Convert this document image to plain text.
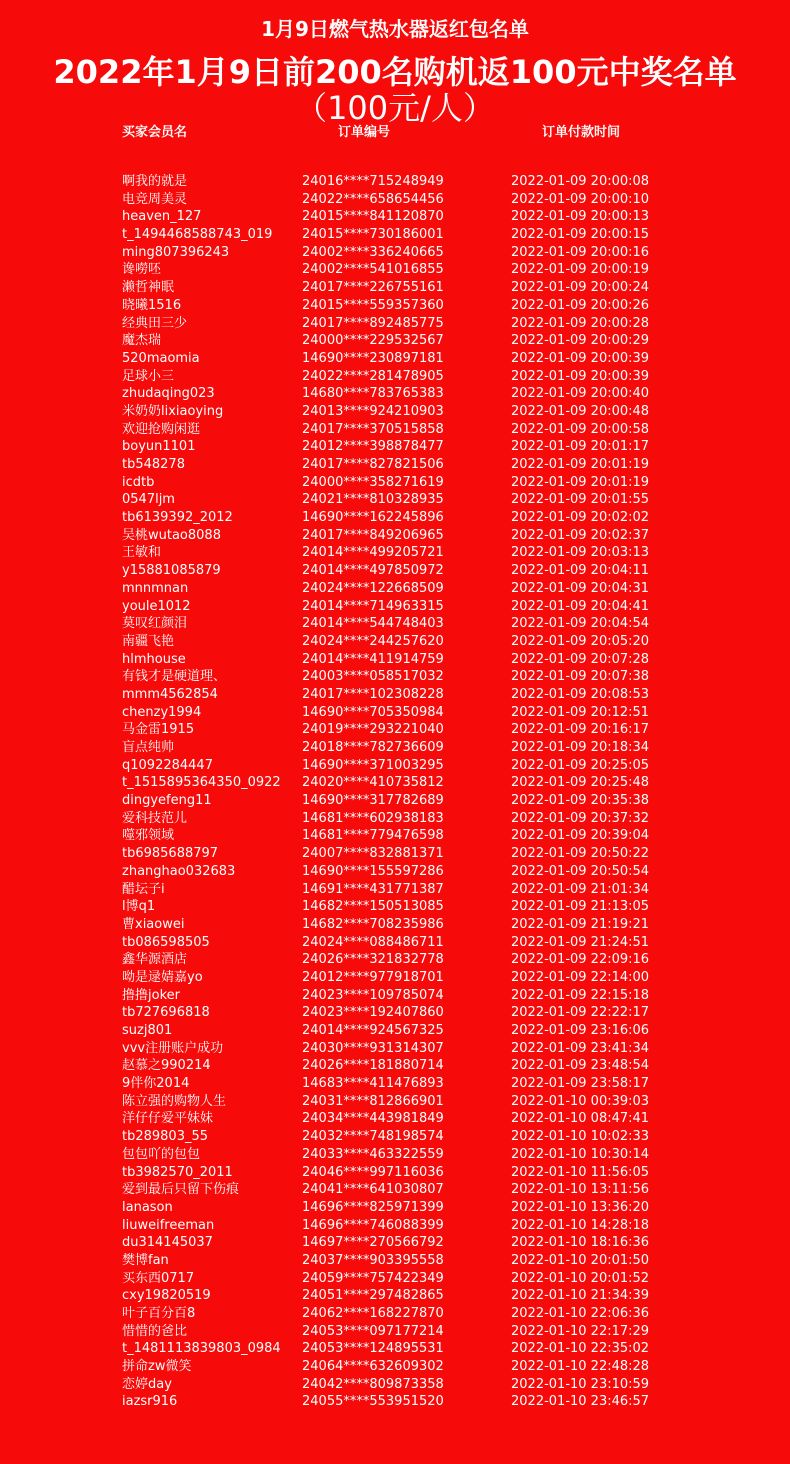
1月9日燃气热水器返红包名单
2022年1月9日前200名购机返100元中奖名单
（100元/人）
买家会员名	订单编号	订单付款时间
啊我的就是	24016****715248949	2022-01-09 20:00:08
电竞周美灵	24022****658654456	2022-01-09 20:00:10
heaven_127	24015****841120870	2022-01-09 20:00:13
t_1494468588743_019 24015****730186001	2022-01-09 20:00:15
ming807396243	24002****336240665	2022-01-09 20:00:16
谗嘮呸	24002****541016855	2022-01-09 20:00:19
濑哲神眠	24017****226755161	2022-01-09 20:00:24
晓曦1516	24015****559357360	2022-01-09 20:00:26
经典田三少	24017****892485775	2022-01-09 20:00:28
魔杰瑞	24000****229532567	2022-01-09 20:00:29
520maomia	14690****230897181	2022-01-09 20:00:39
足球小三	24022****281478905	2022-01-09 20:00:39
zhudaqing023	14680****783765383	2022-01-09 20:00:40
米奶奶lixiaoying	24013****924210903	2022-01-09 20:00:48
欢迎抢购闲逛	24017****370515858	2022-01-09 20:00:58
boyun1101	24012****398878477	2022-01-09 20:01:17
tb548278	24017****827821506	2022-01-09 20:01:19
icdtb	24000****358271619	2022-01-09 20:01:19
0547ljm	24021****810328935	2022-01-09 20:01:55
tb6139392_2012	14690****162245896	2022-01-09 20:02:02
吴桃wutao8088	24017****849206965	2022-01-09 20:02:37
王敏和	24014****499205721	2022-01-09 20:03:13
y15881085879	24014****497850972	2022-01-09 20:04:11
mnnmnan	24024****122668509	2022-01-09 20:04:31
youle1012	24014****714963315	2022-01-09 20:04:41
莫叹红颜泪	24014****544748403	2022-01-09 20:04:54
南疆飞艳	24024****244257620	2022-01-09 20:05:20
hlmhouse	24014****411914759	2022-01-09 20:07:28
有钱才是硬道理、	24003****058517032	2022-01-09 20:07:38
mmm4562854	24017****102308228	2022-01-09 20:08:53
chenzy1994	14690****705350984	2022-01-09 20:12:51
马金雷1915	24019****293221040	2022-01-09 20:16:17
盲点纯帅	24018****782736609	2022-01-09 20:18:34
q1092284447	14690****371003295	2022-01-09 20:25:05
t_1515895364350_0922 24020****410735812	2022-01-09 20:25:48
dingyefeng11	14690****317782689	2022-01-09 20:35:38
爱科技范儿	14681****602938183	2022-01-09 20:37:32
噬邪领域	14681****779476598	2022-01-09 20:39:04
tb6985688797	24007****832881371	2022-01-09 20:50:22
zhanghao032683	14690****155597286	2022-01-09 20:50:54
醋坛子i	14691****431771387	2022-01-09 21:01:34
l博q1	14682****150513085	2022-01-09 21:13:05
曹xiaowei	14682****708235986	2022-01-09 21:19:21
tb086598505	24024****088486711	2022-01-09 21:24:51
鑫华源酒店	24026****321832778	2022-01-09 22:09:16
呦是逯婧嘉yo	24012****977918701	2022-01-09 22:14:00
撸撸joker	24023****109785074	2022-01-09 22:15:18
tb727696818	24023****192407860	2022-01-09 22:22:17
suzj801	24014****924567325	2022-01-09 23:16:06
vvv注册账户成功	24030****931314307	2022-01-09 23:41:34
赵慕之990214	24026****181880714	2022-01-09 23:48:54
9伴你2014	14683****411476893	2022-01-09 23:58:17
陈立强的购物人生	24031****812866901	2022-01-10 00:39:03
洋仔仔爱平妹妹	24034****443981849	2022-01-10 08:47:41
tb289803_55	24032****748198574	2022-01-10 10:02:33
包包吖的包包	24033****463322559	2022-01-10 10:30:14
tb3982570_2011	24046****997116036	2022-01-10 11:56:05
爱到最后只留下伤痕	24041****641030807	2022-01-10 13:11:56
lanason	14696****825971399	2022-01-10 13:36:20
liuweifreeman	14696****746088399	2022-01-10 14:28:18
du314145037	14697****270566792	2022-01-10 18:16:36
樊博fan	24037****903395558	2022-01-10 20:01:50
买东西0717	24059****757422349	2022-01-10 20:01:52
cxy19820519	24051****297482865	2022-01-10 21:34:39
叶子百分百8	24062****168227870	2022-01-10 22:06:36
惜惜的爸比	24053****097177214	2022-01-10 22:17:29
t_1481113839803_0984 24053****124895531	2022-01-10 22:35:02
拼命zw微笑	24064****632609302	2022-01-10 22:48:28
恋婷day	24042****809873358	2022-01-10 23:10:59
iazsr916	24055****553951520	2022-01-10 23:46:57
